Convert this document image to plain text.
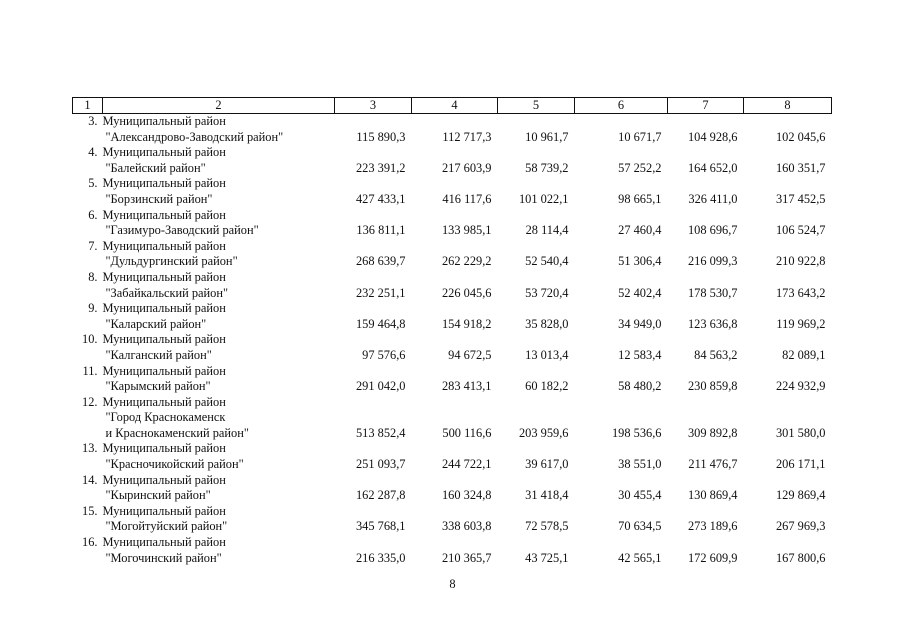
1	2	3	4	5	6	7	8
3.	Муниципальный район
"Александрово-Заводский район"	115 890,3	112 717,3	10 961,7	10 671,7	104 928,6	102 045,6
4.	Муниципальный район
"Балейский район"	223 391,2	217 603,9	58 739,2	57 252,2	164 652,0	160 351,7
5.	Муниципальный район
"Борзинский район"	427 433,1	416 117,6	101 022,1	98 665,1	326 411,0	317 452,5
6.	Муниципальный район
"Газимуро-Заводский район"	136 811,1	133 985,1	28 114,4	27 460,4	108 696,7	106 524,7
7.	Муниципальный район
"Дульдургинский район"	268 639,7	262 229,2	52 540,4	51 306,4	216 099,3	210 922,8
8.	Муниципальный район
"Забайкальский район"	232 251,1	226 045,6	53 720,4	52 402,4	178 530,7	173 643,2
9.	Муниципальный район
"Каларский район"	159 464,8	154 918,2	35 828,0	34 949,0	123 636,8	119 969,2
10.	Муниципальный район
"Калганский район"	97 576,6	94 672,5	13 013,4	12 583,4	84 563,2	82 089,1
11.	Муниципальный район
"Карымский район"	291 042,0	283 413,1	60 182,2	58 480,2	230 859,8	224 932,9
12.	Муниципальный район
"Город Краснокаменск
и Краснокаменский район"	513 852,4	500 116,6	203 959,6	198 536,6	309 892,8	301 580,0
13.	Муниципальный район
"Красночикойский район"	251 093,7	244 722,1	39 617,0	38 551,0	211 476,7	206 171,1
14.	Муниципальный район
"Кыринский район"	162 287,8	160 324,8	31 418,4	30 455,4	130 869,4	129 869,4
15.	Муниципальный район
"Могойтуйский район"	345 768,1	338 603,8	72 578,5	70 634,5	273 189,6	267 969,3
16.	Муниципальный район
"Могочинский район"	216 335,0	210 365,7	43 725,1	42 565,1	172 609,9	167 800,6
8
